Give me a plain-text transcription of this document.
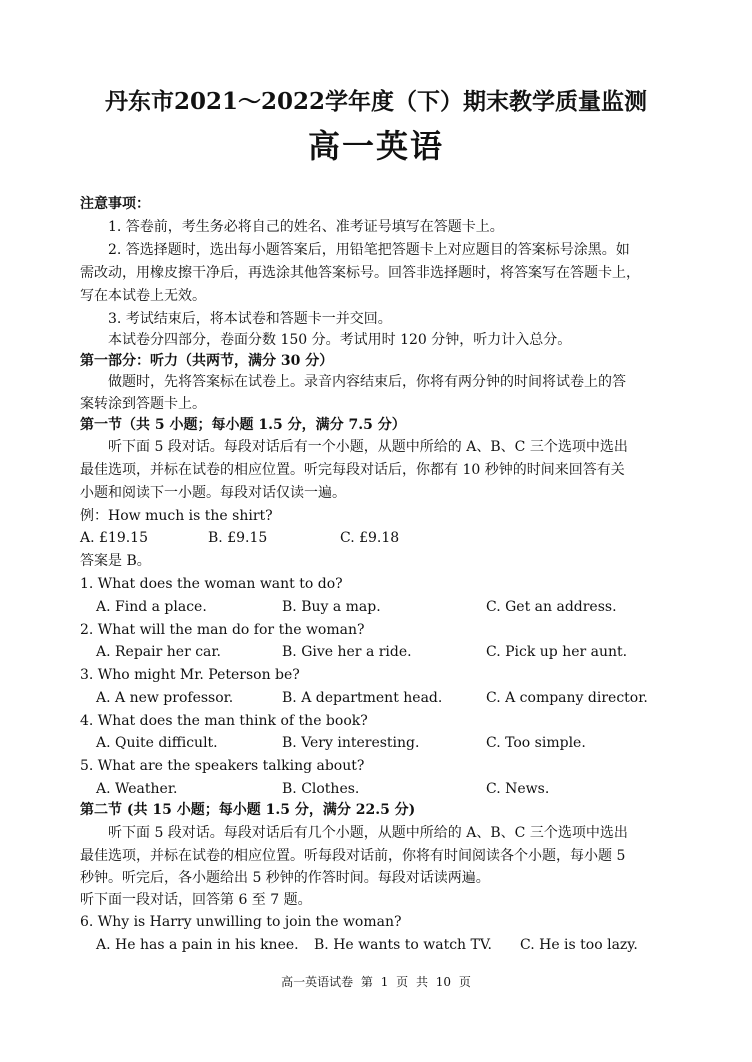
丹东市2021～2022学年度（下）期末教学质量监测
高一英语
注意事项：
1. 答卷前，考生务必将自己的姓名、准考证号填写在答题卡上。
2. 答选择题时，选出每小题答案后，用铅笔把答题卡上对应题目的答案标号涂黑。如
需改动，用橡皮擦干净后，再选涂其他答案标号。回答非选择题时，将答案写在答题卡上，
写在本试卷上无效。
3. 考试结束后，将本试卷和答题卡一并交回。
本试卷分四部分，卷面分数 150 分。考试用时 120 分钟，听力计入总分。
第一部分：听力（共两节，满分 30 分）
做题时，先将答案标在试卷上。录音内容结束后，你将有两分钟的时间将试卷上的答
案转涂到答题卡上。
第一节（共 5 小题；每小题 1.5 分，满分 7.5 分）
听下面 5 段对话。每段对话后有一个小题，从题中所给的 A、B、C 三个选项中选出
最佳选项，并标在试卷的相应位置。听完每段对话后，你都有 10 秒钟的时间来回答有关
小题和阅读下一小题。每段对话仅读一遍。
例：How much is the shirt?
A. £19.15	B. £9.15	C. £9.18
答案是 B。
1. What does the woman want to do?
A. Find a place.	B. Buy a map.	C. Get an address.
2. What will the man do for the woman?
A. Repair her car.	B. Give her a ride.	C. Pick up her aunt.
3. Who might Mr. Peterson be?
A. A new professor.	B. A department head.	C. A company director.
4. What does the man think of the book?
A. Quite difficult.	B. Very interesting.	C. Too simple.
5. What are the speakers talking about?
A. Weather.	B. Clothes.	C. News.
第二节 (共 15 小题；每小题 1.5 分，满分 22.5 分)
听下面 5 段对话。每段对话后有几个小题，从题中所给的 A、B、C 三个选项中选出
最佳选项，并标在试卷的相应位置。听每段对话前，你将有时间阅读各个小题，每小题 5
秒钟。听完后，各小题给出 5 秒钟的作答时间。每段对话读两遍。
听下面一段对话，回答第 6 至 7 题。
6. Why is Harry unwilling to join the woman?
A. He has a pain in his knee. B. He wants to watch TV. C. He is too lazy.
高一英语试卷 第 1 页 共 10 页
